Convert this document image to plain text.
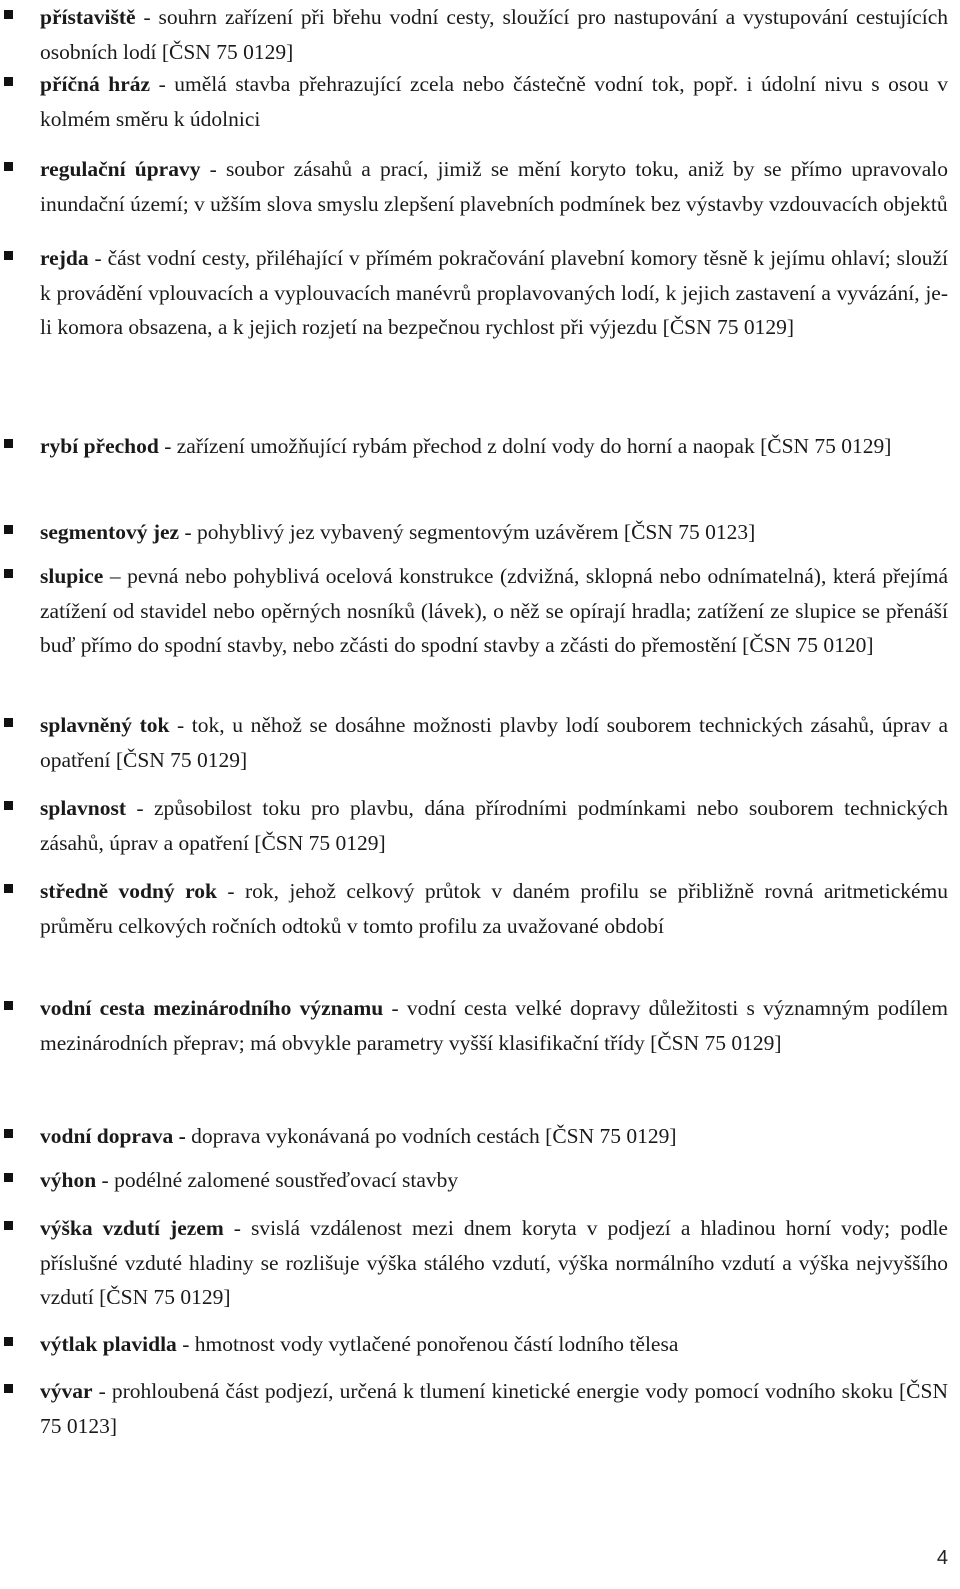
přístaviště - souhrn zařízení při břehu vodní cesty, sloužící pro nastupování a vystupování cestujících osobních lodí [ČSN 75 0129]
příčná hráz - umělá stavba přehrazující zcela nebo částečně vodní tok, popř. i údolní nivu s osou v kolmém směru k údolnici
regulační úpravy - soubor zásahů a prací, jimiž se mění koryto toku, aniž by se přímo upravovalo inundační území; v užším slova smyslu zlepšení plavebních podmínek bez výstavby vzdouvacích objektů
rejda - část vodní cesty, přiléhající v přímém pokračování plavební komory těsně k jejímu ohlaví; slouží k provádění vplouvacích a vyplouvacích manévrů proplavovaných lodí, k jejich zastavení a vyvázání, je-li komora obsazena, a k jejich rozjetí na bezpečnou rychlost při výjezdu [ČSN 75 0129]
rybí přechod - zařízení umožňující rybám přechod z dolní vody do horní a naopak [ČSN 75 0129]
segmentový jez - pohyblivý jez vybavený segmentovým uzávěrem [ČSN 75 0123]
slupice – pevná nebo pohyblivá ocelová konstrukce (zdvižná, sklopná nebo odnímatelná), která přejímá zatížení od stavidel nebo opěrných nosníků (lávek), o něž se opírají hradla; zatížení ze slupice se přenáší buď přímo do spodní stavby, nebo zčásti do spodní stavby a zčásti do přemostění [ČSN 75 0120]
splavněný tok - tok, u něhož se dosáhne možnosti plavby lodí souborem technických zásahů, úprav a opatření [ČSN 75 0129]
splavnost - způsobilost toku pro plavbu, dána přírodními podmínkami nebo souborem technických zásahů, úprav a opatření [ČSN 75 0129]
středně vodný rok - rok, jehož celkový průtok v daném profilu se přibližně rovná aritmetickému průměru celkových ročních odtoků v tomto profilu za uvažované období
vodní cesta mezinárodního významu - vodní cesta velké dopravy důležitosti s významným podílem mezinárodních přeprav; má obvykle parametry vyšší klasifikační třídy [ČSN 75 0129]
vodní doprava - doprava vykonávaná po vodních cestách [ČSN 75 0129]
výhon - podélné zalomené soustřeďovací stavby
výška vzdutí jezem - svislá vzdálenost mezi dnem koryta v podjezí a hladinou horní vody; podle příslušné vzduté hladiny se rozlišuje výška stálého vzdutí, výška normálního vzdutí a výška nejvyššího vzdutí [ČSN 75 0129]
výtlak plavidla - hmotnost vody vytlačené ponořenou částí lodního tělesa
vývar - prohloubená část podjezí, určená k tlumení kinetické energie vody pomocí vodního skoku [ČSN 75 0123]
4
